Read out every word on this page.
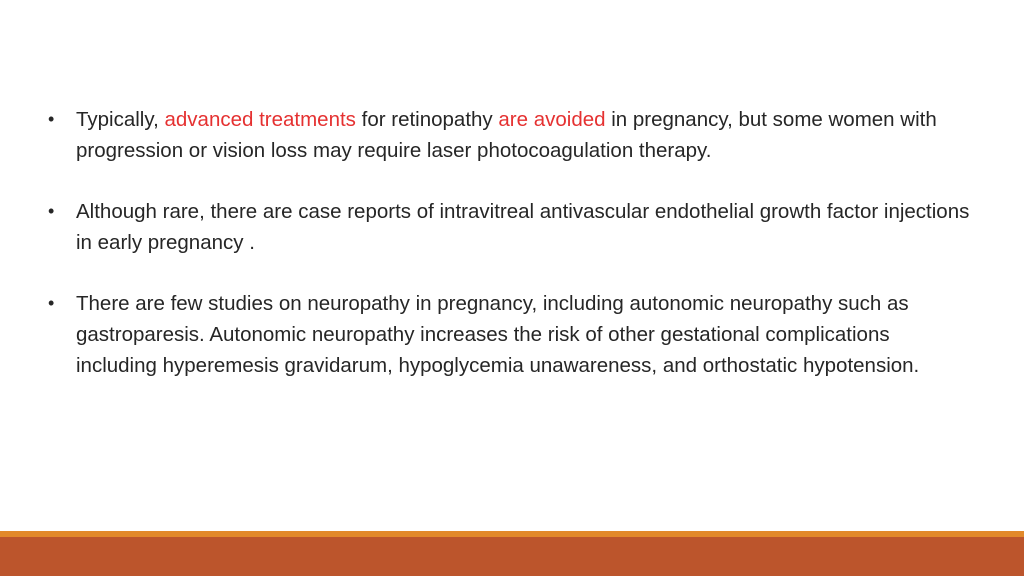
• Typically, advanced treatments for retinopathy are avoided in pregnancy, but some women with progression or vision loss may require laser photocoagulation therapy.
• Although rare, there are case reports of intravitreal antivascular endothelial growth factor injections in early pregnancy .
• There are few studies on neuropathy in pregnancy, including autonomic neuropathy such as gastroparesis. Autonomic neuropathy increases the risk of other gestational complications including hyperemesis gravidarum, hypoglycemia unawareness, and orthostatic hypotension.
